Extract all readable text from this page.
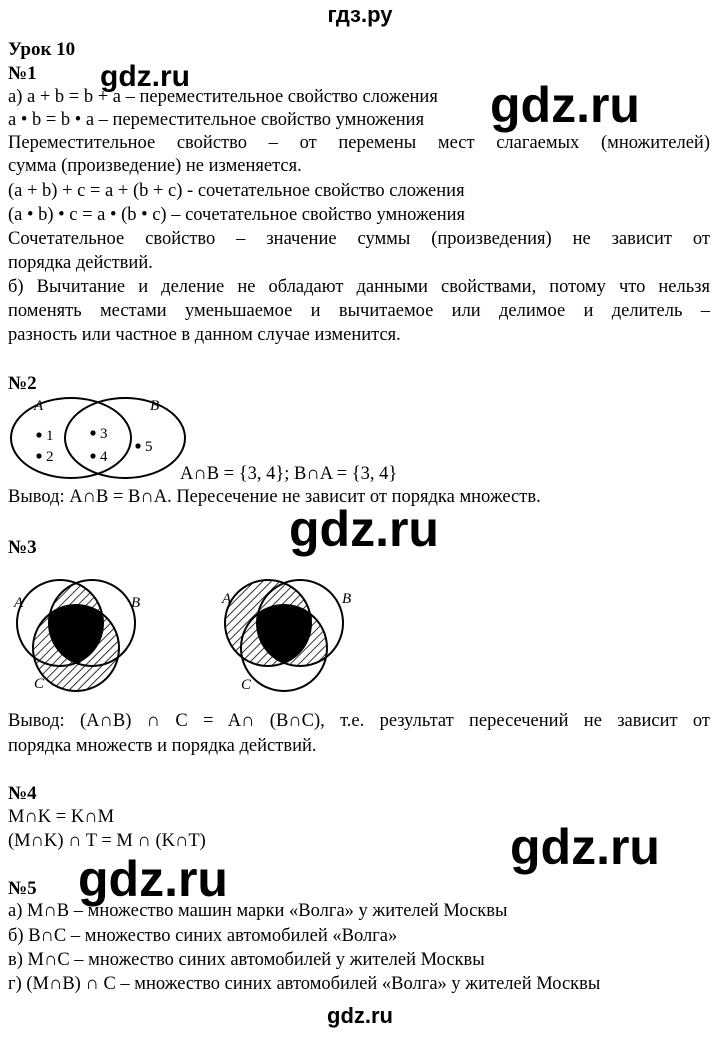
гдз.ру
Урок 10
№1
а) a + b = b + a – переместительное свойство сложения
a • b = b • a – переместительное свойство умножения
Переместительное свойство – от перемены мест слагаемых (множителей)
сумма (произведение) не изменяется.
(a + b) + c = a + (b + c) - сочетательное свойство сложения
(a • b) • c = a • (b • c) – сочетательное свойство умножения
Сочетательное свойство – значение суммы (произведения) не зависит от
порядка действий.
б) Вычитание и деление не обладают данными свойствами, потому что нельзя
поменять местами уменьшаемое и вычитаемое или делимое и делитель –
разность или частное в данном случае изменится.
№2
A	B
1
2
3
4
5
A∩B = {3, 4}; B∩A = {3, 4}
Вывод: A∩B = B∩A. Пересечение не зависит от порядка множеств.
№3
A	B
C
A	B
C
Вывод: (A∩B) ∩ C = A∩ (B∩C), т.е. результат пересечений не зависит от
порядка множеств и порядка действий.
№4
M∩K = K∩M
(M∩K) ∩ T = M ∩ (K∩T)
№5
а) M∩B – множество машин марки «Волга» у жителей Москвы
б) B∩C – множество синих автомобилей «Волга»
в) M∩C – множество синих автомобилей у жителей Москвы
г) (M∩B) ∩ C – множество синих автомобилей «Волга» у жителей Москвы
gdz.ru
gdz.ru
gdz.ru
gdz.ru
gdz.ru
gdz.ru
